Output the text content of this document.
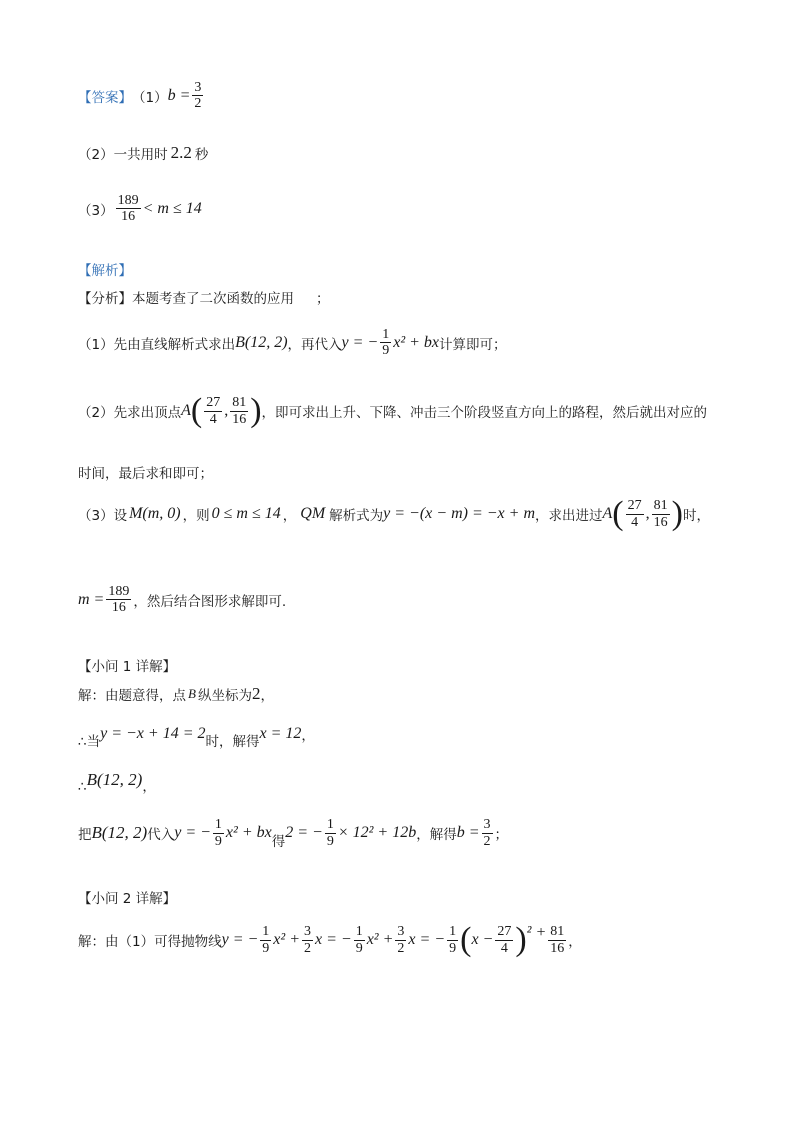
【答案】 （1） $b = \frac{3}{2}$
（2）一共用时 2.2 秒
$(3) \frac{189}{16} < m \le 14$
【解析】
【分析】本题考查了二次函数的应用 ；
（1）先由直线解析式求出 B(12, 2) ，再代入 y = − $\frac{1}{9} x^2$ + bx 计算即可；
（2）先求出顶点 A ( $\frac{27}{4}$ , $\frac{81}{16}$ ) ，即可求出上升、下降、冲击三个阶段竖直方向上的路程，然后就出对应的
时间，最后求和即可；
（3）设 M(m, 0) ，则 0 ≤ m ≤ 14 ， QM 解析式为 y = −(x − m) = −x + m ，求出进过 A ( $\frac{27}{4}$ , $\frac{81}{16}$ ) 时，
$m = \frac{189}{16}$ ，然后结合图形求解即可.
【小问 1 详解】
解：由题意得，点 B 纵坐标为 2 ，
∴当 y = −x + 14 = 2 时，解得 x = 12 ，
∴ B(12, 2) ，
把 B(12, 2) 代入 y = − $\frac{1}{9} x^2$ + bx
得
2 = − $\frac{1}{9} \times 12^2 + 12b$ ，解得 $b = \frac{3}{2}$ ；
【小问 2 详解】
解：由（1）可得抛物线 y = − $\frac{1}{9} x^2 + \frac{3}{2}$ x = − $\frac{1}{9} x^2 + \frac{3}{2}$ x = − $\frac{1}{9}$ ( $x - \frac{27}{4}$ ) $^2 + \frac{81}{16}$ ，
